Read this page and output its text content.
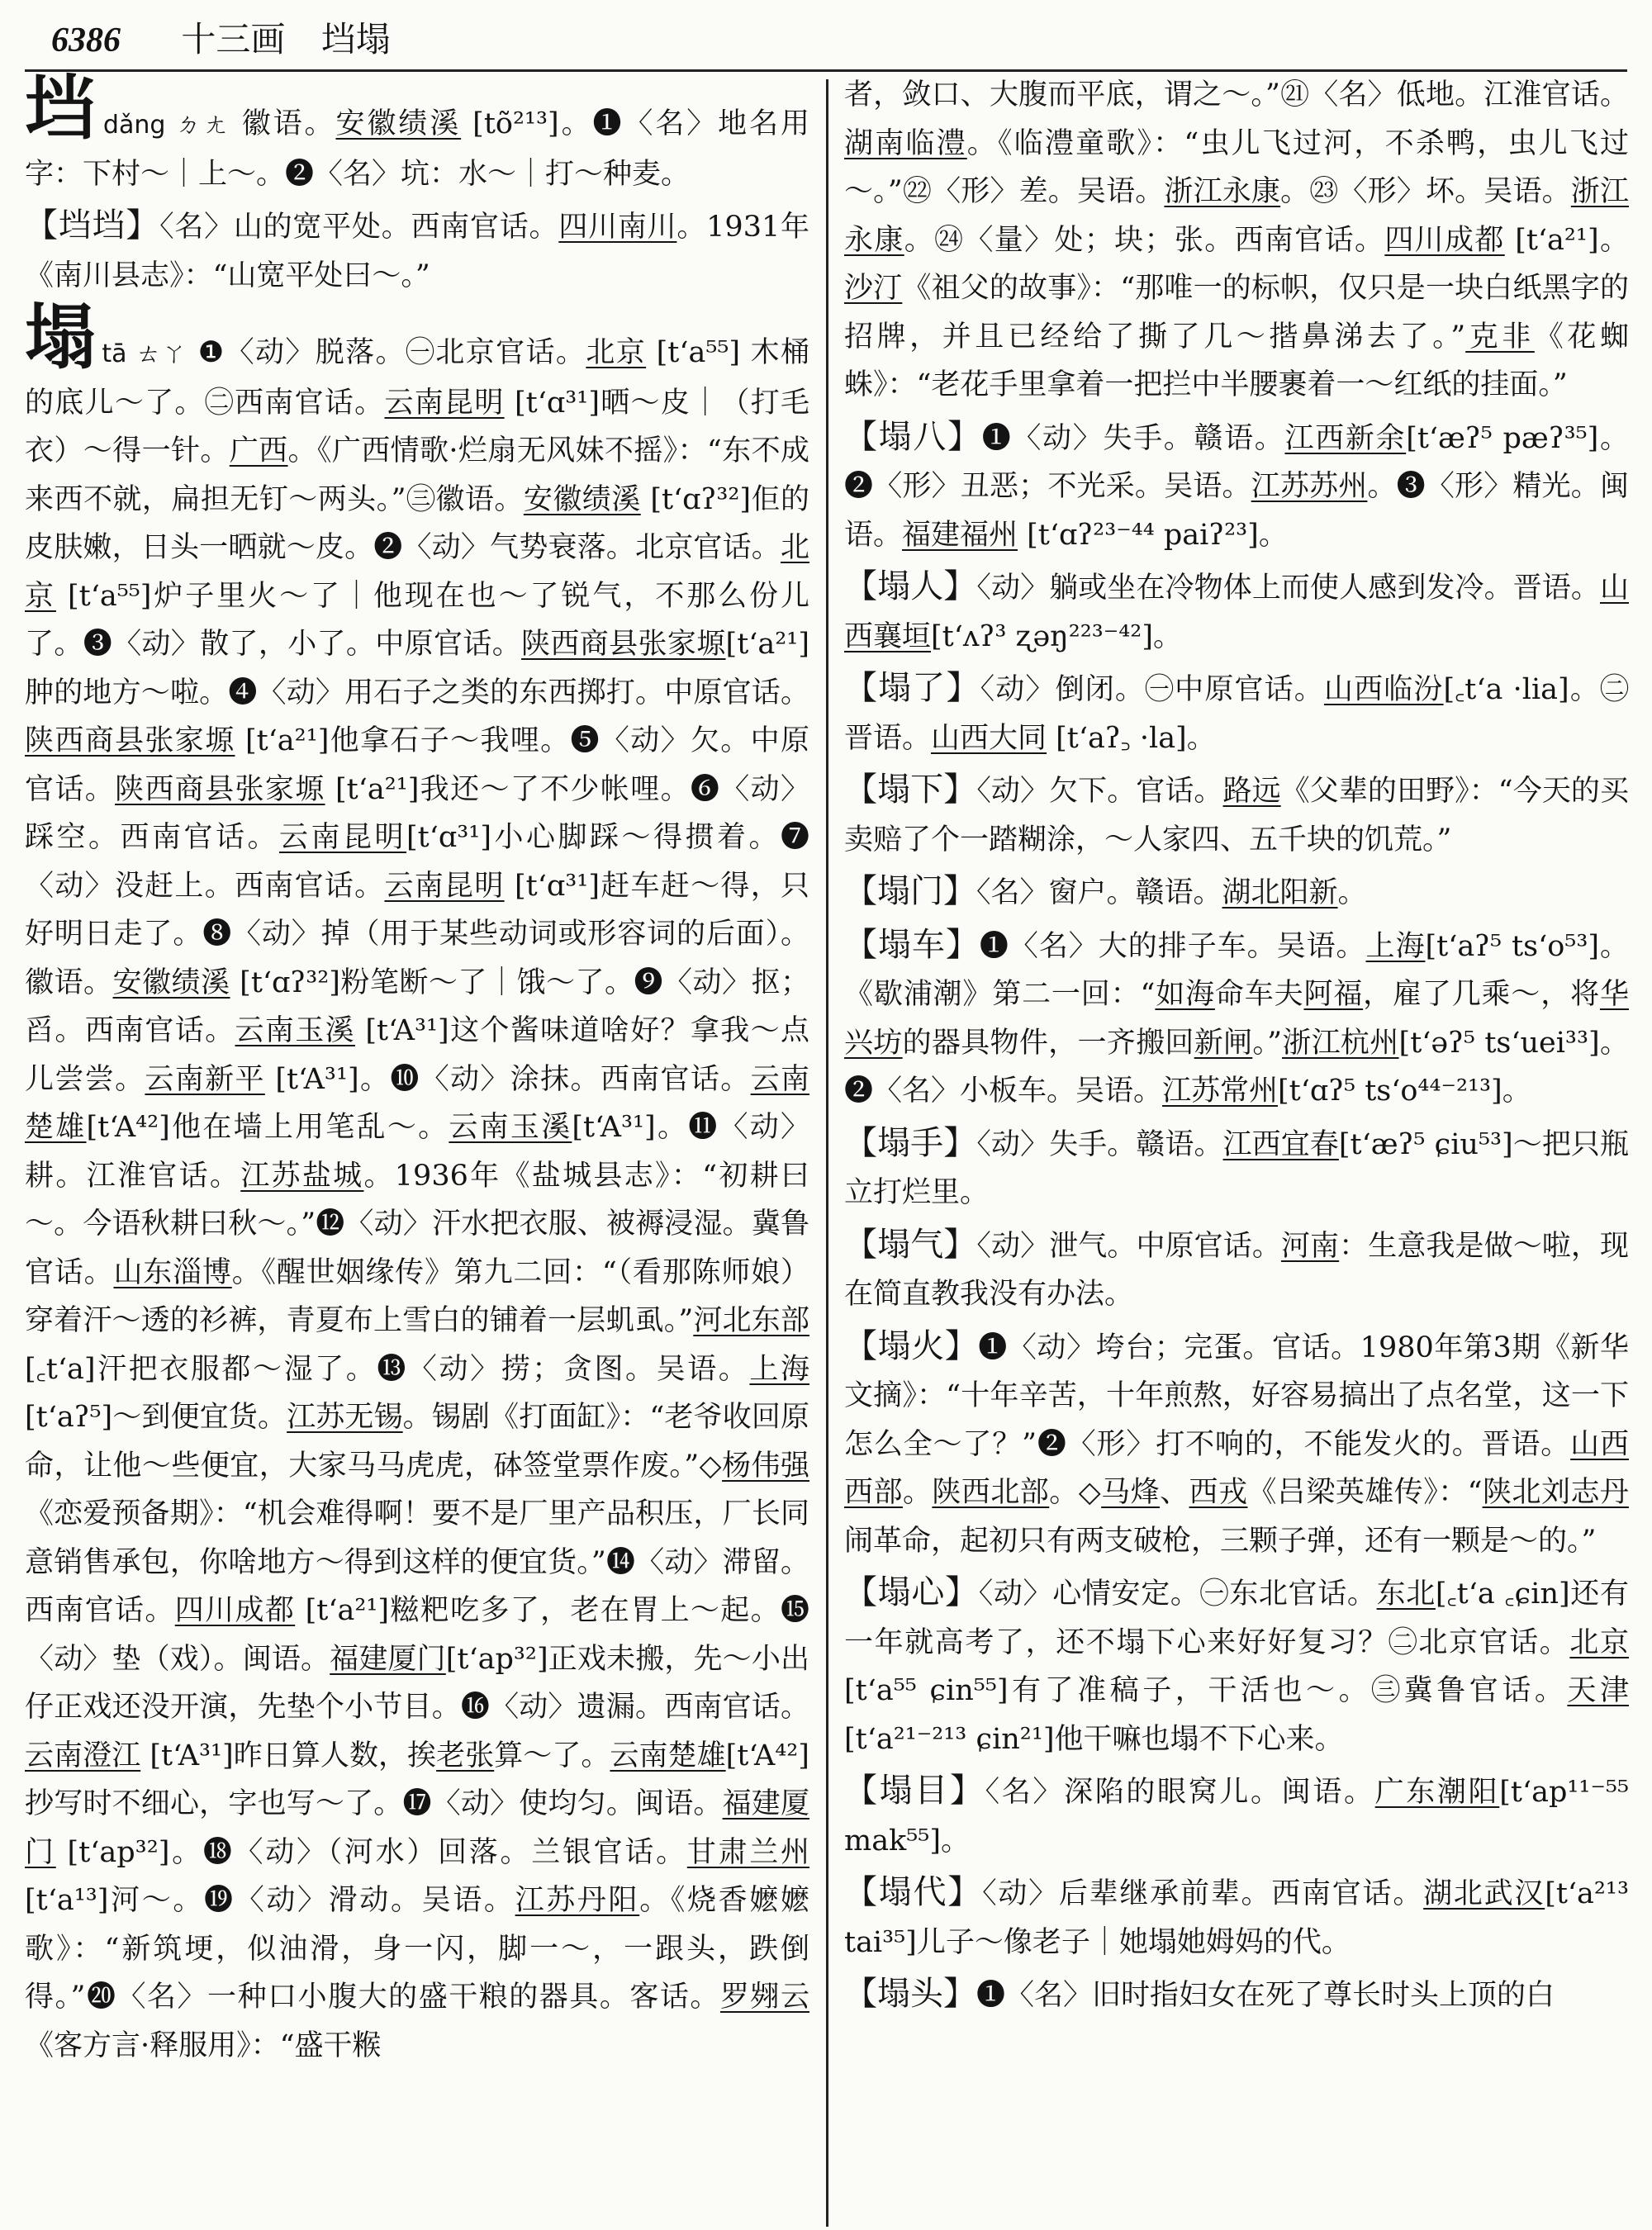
6386 十三画 垱塌

垱dǎng ㄉㄤ 徽语。安徽绩溪 [tõ²¹³]。❶〈名〉地名用字：下村～｜上～。❷〈名〉坑：水～｜打～种麦。

【垱垱】〈名〉山的宽平处。西南官话。四川南川。1931年《南川县志》：“山宽平处曰～。”

塌tā ㄊㄚ ❶〈动〉脱落。㊀北京官话。北京 [tʻa⁵⁵] 木桶的底儿～了。㊁西南官话。云南昆明 [tʻɑ³¹]晒～皮｜（打毛衣）～得一针。广西。《广西情歌·烂扇无风妹不摇》：“东不成来西不就，扁担无钉～两头。”㊂徽语。安徽绩溪 [tʻɑʔ³²]佢的皮肤嫩，日头一晒就～皮。❷〈动〉气势衰落。北京官话。北京 [tʻa⁵⁵]炉子里火～了｜他现在也～了锐气，不那么份儿了。❸〈动〉散了，小了。中原官话。陕西商县张家塬[tʻa²¹]肿的地方～啦。❹〈动〉用石子之类的东西掷打。中原官话。陕西商县张家塬 [tʻa²¹]他拿石子～我哩。❺〈动〉欠。中原官话。陕西商县张家塬 [tʻa²¹]我还～了不少帐哩。❻〈动〉踩空。西南官话。云南昆明[tʻɑ³¹]小心脚踩～得掼着。❼〈动〉没赶上。西南官话。云南昆明 [tʻɑ³¹]赶车赶～得，只好明日走了。❽〈动〉掉（用于某些动词或形容词的后面）。徽语。安徽绩溪 [tʻɑʔ³²]粉笔断～了｜饿～了。❾〈动〉抠；舀。西南官话。云南玉溪 [tʻA³¹]这个酱味道啥好？拿我～点儿尝尝。云南新平 [tʻA³¹]。❿〈动〉涂抹。西南官话。云南楚雄[tʻA⁴²]他在墙上用笔乱～。云南玉溪[tʻA³¹]。⓫〈动〉耕。江淮官话。江苏盐城。1936年《盐城县志》：“初耕曰～。今语秋耕曰秋～。”⓬〈动〉汗水把衣服、被褥浸湿。冀鲁官话。山东淄博。《醒世姻缘传》第九二回：“（看那陈师娘）穿着汗～透的衫裤，青夏布上雪白的铺着一层虮虱。”河北东部[꜀tʻa]汗把衣服都～湿了。⓭〈动〉捞；贪图。吴语。上海 [tʻaʔ⁵]～到便宜货。江苏无锡。锡剧《打面缸》：“老爷收回原命，让他～些便宜，大家马马虎虎，砵签堂票作废。”◇杨伟强《恋爱预备期》：“机会难得啊！要不是厂里产品积压，厂长同意销售承包，你啥地方～得到这样的便宜货。”⓮〈动〉滞留。西南官话。四川成都 [tʻa²¹]糍粑吃多了，老在胃上～起。⓯〈动〉垫（戏）。闽语。福建厦门[tʻap³²]正戏未搬，先～小出仔正戏还没开演，先垫个小节目。⓰〈动〉遗漏。西南官话。云南澄江 [tʻA³¹]昨日算人数，挨老张算～了。云南楚雄[tʻA⁴²]抄写时不细心，字也写～了。⓱〈动〉使均匀。闽语。福建厦门 [tʻap³²]。⓲〈动〉（河水）回落。兰银官话。甘肃兰州 [tʻa¹³]河～。⓳〈动〉滑动。吴语。江苏丹阳。《烧香嬷嬷歌》：“新筑埂，似油滑，身一闪，脚一～，一跟头，跌倒得。”⓴〈名〉一种口小腹大的盛干粮的器具。客话。罗翙云《客方言·释服用》：“盛干糇

者，敛口、大腹而平底，谓之～。”㉑〈名〉低地。江淮官话。湖南临澧。《临澧童歌》：“虫儿飞过河，不杀鸭，虫儿飞过～。”㉒〈形〉差。吴语。浙江永康。㉓〈形〉坏。吴语。浙江永康。㉔〈量〉处；块；张。西南官话。四川成都 [tʻa²¹]。沙汀《祖父的故事》：“那唯一的标帜，仅只是一块白纸黑字的招牌，并且已经给了撕了几～揩鼻涕去了。”克非《花蜘蛛》：“老花手里拿着一把拦中半腰裹着一～红纸的挂面。”

【塌八】❶〈动〉失手。赣语。江西新余[tʻæʔ⁵ pæʔ³⁵]。❷〈形〉丑恶；不光采。吴语。江苏苏州。❸〈形〉精光。闽语。福建福州 [tʻɑʔ²³⁻⁴⁴ paiʔ²³]。

【塌人】〈动〉躺或坐在冷物体上而使人感到发冷。晋语。山西襄垣[tʻʌʔ³ ʐəŋ²²³⁻⁴²]。

【塌了】〈动〉倒闭。㊀中原官话。山西临汾[꜀tʻa ·lia]。㊁晋语。山西大同 [tʻaʔ꜆ ·la]。

【塌下】〈动〉欠下。官话。路远《父辈的田野》：“今天的买卖赔了个一踏糊涂，～人家四、五千块的饥荒。”

【塌门】〈名〉窗户。赣语。湖北阳新。

【塌车】❶〈名〉大的排子车。吴语。上海[tʻaʔ⁵ tsʻo⁵³]。《歇浦潮》第二一回：“如海命车夫阿福，雇了几乘～，将华兴坊的器具物件，一齐搬回新闸。”浙江杭州[tʻəʔ⁵ tsʻuei³³]。❷〈名〉小板车。吴语。江苏常州[tʻɑʔ⁵ tsʻo⁴⁴⁻²¹³]。

【塌手】〈动〉失手。赣语。江西宜春[tʻæʔ⁵ ɕiu⁵³]～把只瓶立打烂里。

【塌气】〈动〉泄气。中原官话。河南：生意我是做～啦，现在简直教我没有办法。

【塌火】❶〈动〉垮台；完蛋。官话。1980年第3期《新华文摘》：“十年辛苦，十年煎熬，好容易搞出了点名堂，这一下怎么全～了？”❷〈形〉打不响的，不能发火的。晋语。山西西部。陕西北部。◇马烽、西戎《吕梁英雄传》：“陕北刘志丹闹革命，起初只有两支破枪，三颗子弹，还有一颗是～的。”

【塌心】〈动〉心情安定。㊀东北官话。东北[꜀tʻa ꜀ɕin]还有一年就高考了，还不塌下心来好好复习？㊁北京官话。北京[tʻa⁵⁵ ɕin⁵⁵]有了准稿子，干活也～。㊂冀鲁官话。天津 [tʻa²¹⁻²¹³ ɕin²¹]他干嘛也塌不下心来。

【塌目】〈名〉深陷的眼窝儿。闽语。广东潮阳[tʻap¹¹⁻⁵⁵ mak⁵⁵]。

【塌代】〈动〉后辈继承前辈。西南官话。湖北武汉[tʻa²¹³ tai³⁵]儿子～像老子｜她塌她姆妈的代。

【塌头】❶〈名〉旧时指妇女在死了尊长时头上顶的白
